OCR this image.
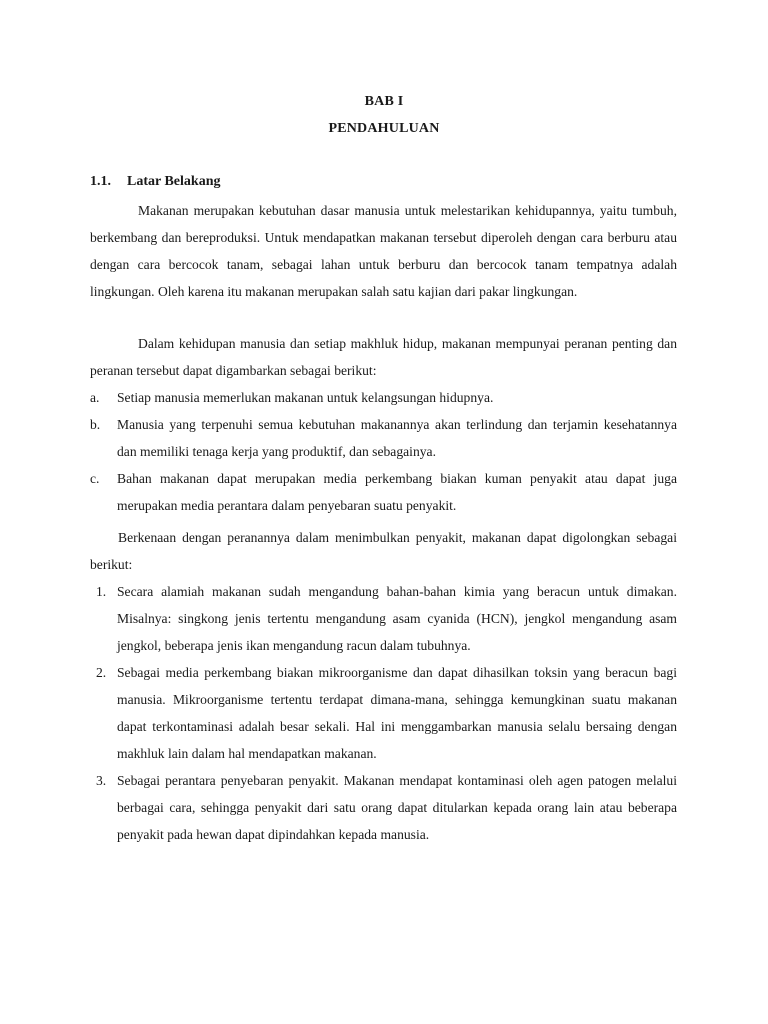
BAB I
PENDAHULUAN
1.1. Latar Belakang

Makanan merupakan kebutuhan dasar manusia untuk melestarikan kehidupannya, yaitu tumbuh, berkembang dan bereproduksi. Untuk mendapatkan makanan tersebut diperoleh dengan cara berburu atau dengan cara bercocok tanam, sebagai lahan untuk berburu dan bercocok tanam tempatnya adalah lingkungan. Oleh karena itu makanan merupakan salah satu kajian dari pakar lingkungan.

Dalam kehidupan manusia dan setiap makhluk hidup, makanan mempunyai peranan penting dan peranan tersebut dapat digambarkan sebagai berikut:

a.	Setiap manusia memerlukan makanan untuk kelangsungan hidupnya.
b.	Manusia yang terpenuhi semua kebutuhan makanannya akan terlindung dan terjamin kesehatannya dan memiliki tenaga kerja yang produktif, dan sebagainya.
c.	Bahan makanan dapat merupakan media perkembang biakan kuman penyakit atau dapat juga merupakan media perantara dalam penyebaran suatu penyakit.

Berkenaan dengan peranannya dalam menimbulkan penyakit, makanan dapat digolongkan sebagai berikut:

1. Secara alamiah makanan sudah mengandung bahan-bahan kimia yang beracun untuk dimakan. Misalnya: singkong jenis tertentu mengandung asam cyanida (HCN), jengkol mengandung asam jengkol, beberapa jenis ikan mengandung racun dalam tubuhnya.
2. Sebagai media perkembang biakan mikroorganisme dan dapat dihasilkan toksin yang beracun bagi manusia. Mikroorganisme tertentu terdapat dimana-mana, sehingga kemungkinan suatu makanan dapat terkontaminasi adalah besar sekali. Hal ini menggambarkan manusia selalu bersaing dengan makhluk lain dalam hal mendapatkan makanan.
3. Sebagai perantara penyebaran penyakit. Makanan mendapat kontaminasi oleh agen patogen melalui berbagai cara, sehingga penyakit dari satu orang dapat ditularkan kepada orang lain atau beberapa penyakit pada hewan dapat dipindahkan kepada manusia.
